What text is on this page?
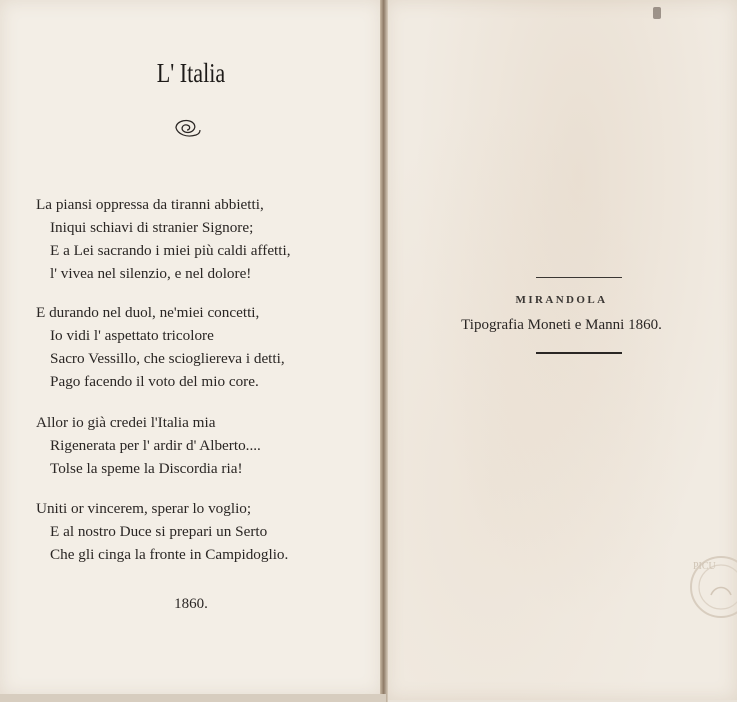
L' Italia
La piansi oppressa da tiranni abbietti,
Iniqui schiavi di stranier Signore;
E a Lei sacrando i miei più caldi affetti,
l' vivea nel silenzio, e nel dolore!
E durando nel duol, ne'miei concetti,
Io vidi l' aspettato tricolore
Sacro Vessillo, che sciogliereva i detti,
Pago facendo il voto del mio core.
Allor io già credei l'Italia mia
Rigenerata per l' ardir d' Alberto....
Tolse la speme la Discordia ria!
Uniti or vincerem, sperar lo voglio;
E al nostro Duce si prepari un Serto
Che gli cinga la fronte in Campidoglio.
1860.
MIRANDOLA
Tipografia Moneti e Manni 1860.
PICU
